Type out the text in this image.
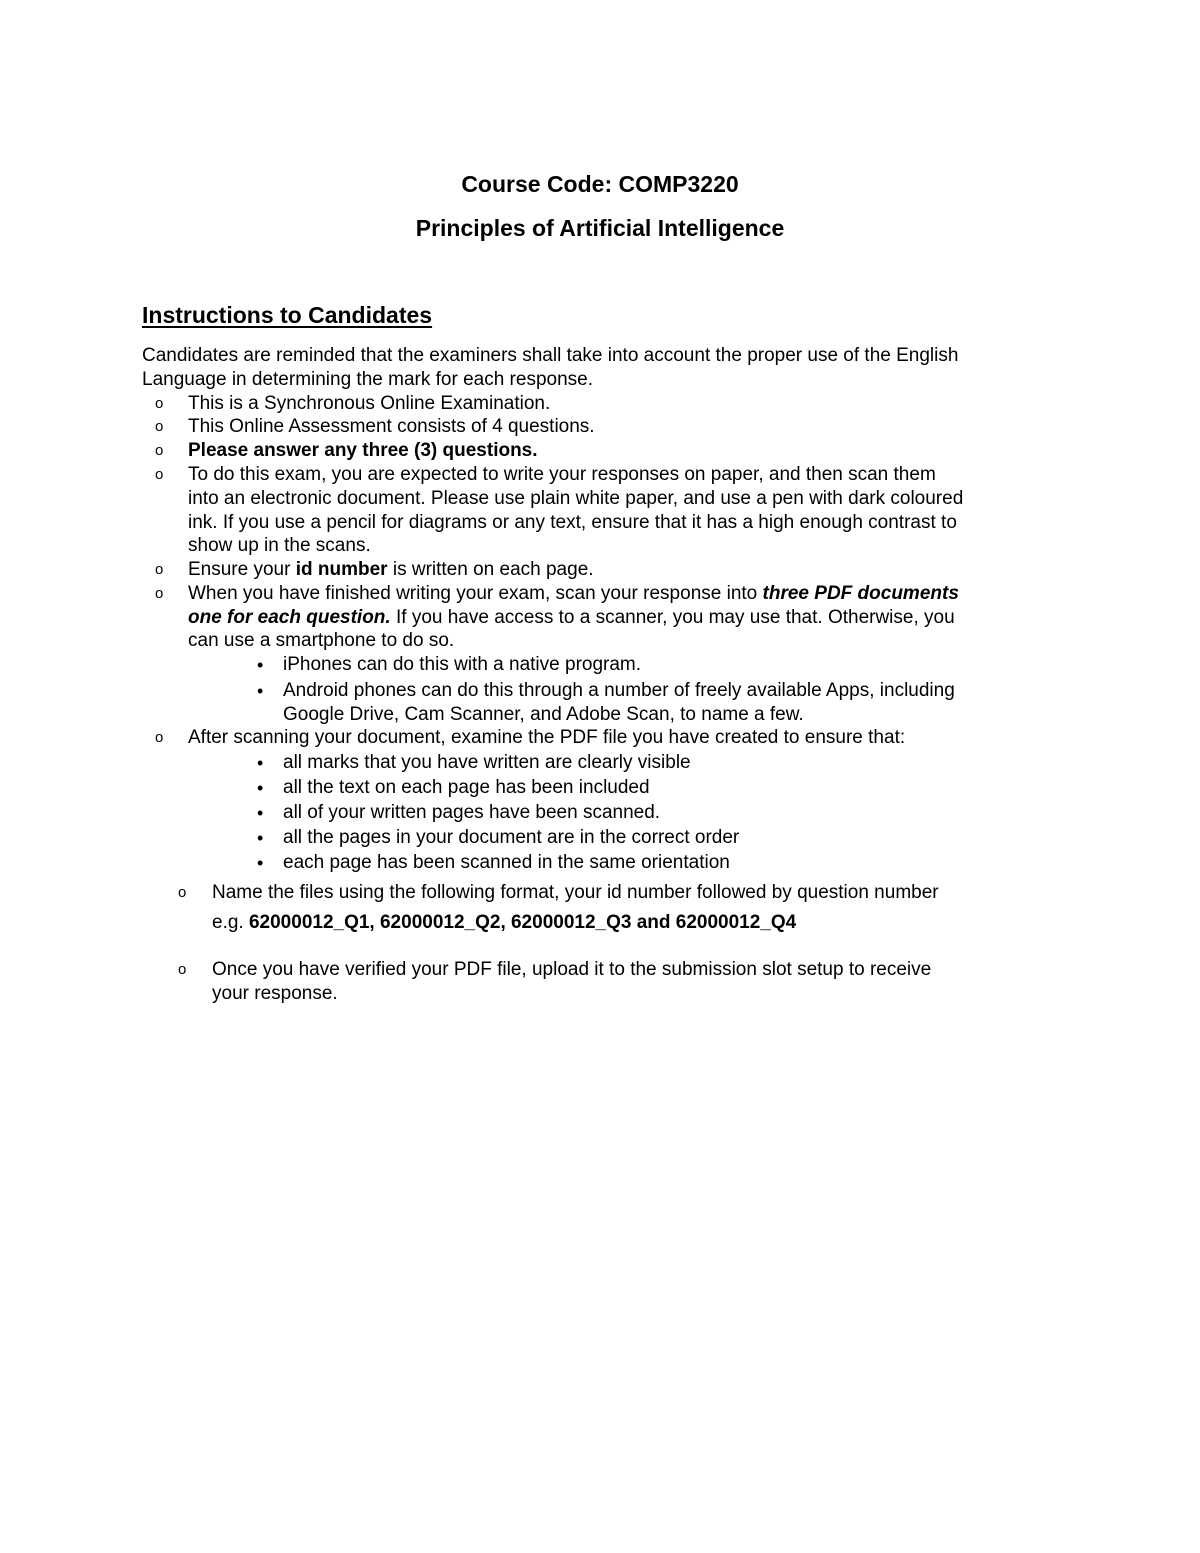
Course Code: COMP3220
Principles of Artificial Intelligence
Instructions to Candidates
Candidates are reminded that the examiners shall take into account the proper use of the English
Language in determining the mark for each response.
o This is a Synchronous Online Examination.
o This Online Assessment consists of 4 questions.
o Please answer any three (3) questions.
o To do this exam, you are expected to write your responses on paper, and then scan them
into an electronic document. Please use plain white paper, and use a pen with dark coloured
ink. If you use a pencil for diagrams or any text, ensure that it has a high enough contrast to
show up in the scans.
o Ensure your id number is written on each page.
o When you have finished writing your exam, scan your response into three PDF documents
one for each question. If you have access to a scanner, you may use that. Otherwise, you
can use a smartphone to do so.
• iPhones can do this with a native program.
• Android phones can do this through a number of freely available Apps, including
Google Drive, Cam Scanner, and Adobe Scan, to name a few.
o After scanning your document, examine the PDF file you have created to ensure that:
• all marks that you have written are clearly visible
• all the text on each page has been included
• all of your written pages have been scanned.
• all the pages in your document are in the correct order
• each page has been scanned in the same orientation
o Name the files using the following format, your id number followed by question number
e.g. 62000012_Q1, 62000012_Q2, 62000012_Q3 and 62000012_Q4
o Once you have verified your PDF file, upload it to the submission slot setup to receive
your response.
